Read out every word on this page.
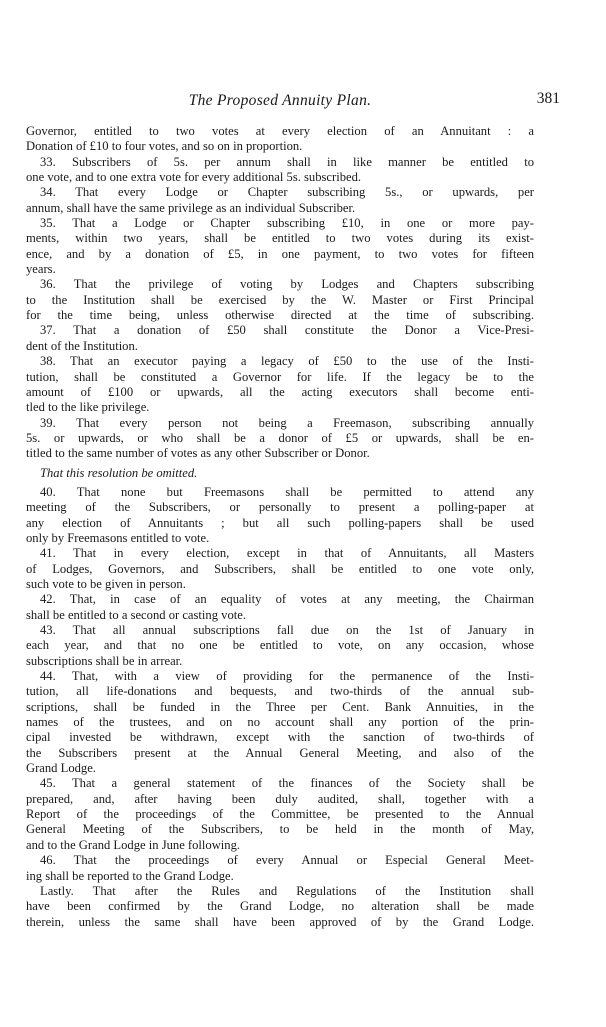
The Proposed Annuity Plan.	381
Governor, entitled to two votes at every election of an Annuitant : a
Donation of £10 to four votes, and so on in proportion.
33. Subscribers of 5s. per annum shall in like manner be entitled to
one vote, and to one extra vote for every additional 5s. subscribed.
34. That every Lodge or Chapter subscribing 5s., or upwards, per
annum, shall have the same privilege as an individual Subscriber.
35. That a Lodge or Chapter subscribing £10, in one or more pay-
ments, within two years, shall be entitled to two votes during its exist-
ence, and by a donation of £5, in one payment, to two votes for fifteen
years.
36. That the privilege of voting by Lodges and Chapters subscribing
to the Institution shall be exercised by the W. Master or First Principal
for the time being, unless otherwise directed at the time of subscribing.
37. That a donation of £50 shall constitute the Donor a Vice-Presi-
dent of the Institution.
38. That an executor paying a legacy of £50 to the use of the Insti-
tution, shall be constituted a Governor for life. If the legacy be to the
amount of £100 or upwards, all the acting executors shall become enti-
tled to the like privilege.
39. That every person not being a Freemason, subscribing annually
5s. or upwards, or who shall be a donor of £5 or upwards, shall be en-
titled to the same number of votes as any other Subscriber or Donor.
That this resolution be omitted.
40. That none but Freemasons shall be permitted to attend any
meeting of the Subscribers, or personally to present a polling-paper at
any election of Annuitants ; but all such polling-papers shall be used
only by Freemasons entitled to vote.
41. That in every election, except in that of Annuitants, all Masters
of Lodges, Governors, and Subscribers, shall be entitled to one vote only,
such vote to be given in person.
42. That, in case of an equality of votes at any meeting, the Chairman
shall be entitled to a second or casting vote.
43. That all annual subscriptions fall due on the 1st of January in
each year, and that no one be entitled to vote, on any occasion, whose
subscriptions shall be in arrear.
44. That, with a view of providing for the permanence of the Insti-
tution, all life-donations and bequests, and two-thirds of the annual sub-
scriptions, shall be funded in the Three per Cent. Bank Annuities, in the
names of the trustees, and on no account shall any portion of the prin-
cipal invested be withdrawn, except with the sanction of two-thirds of
the Subscribers present at the Annual General Meeting, and also of the
Grand Lodge.
45. That a general statement of the finances of the Society shall be
prepared, and, after having been duly audited, shall, together with a
Report of the proceedings of the Committee, be presented to the Annual
General Meeting of the Subscribers, to be held in the month of May,
and to the Grand Lodge in June following.
46. That the proceedings of every Annual or Especial General Meet-
ing shall be reported to the Grand Lodge.
Lastly. That after the Rules and Regulations of the Institution shall
have been confirmed by the Grand Lodge, no alteration shall be made
therein, unless the same shall have been approved of by the Grand Lodge.
